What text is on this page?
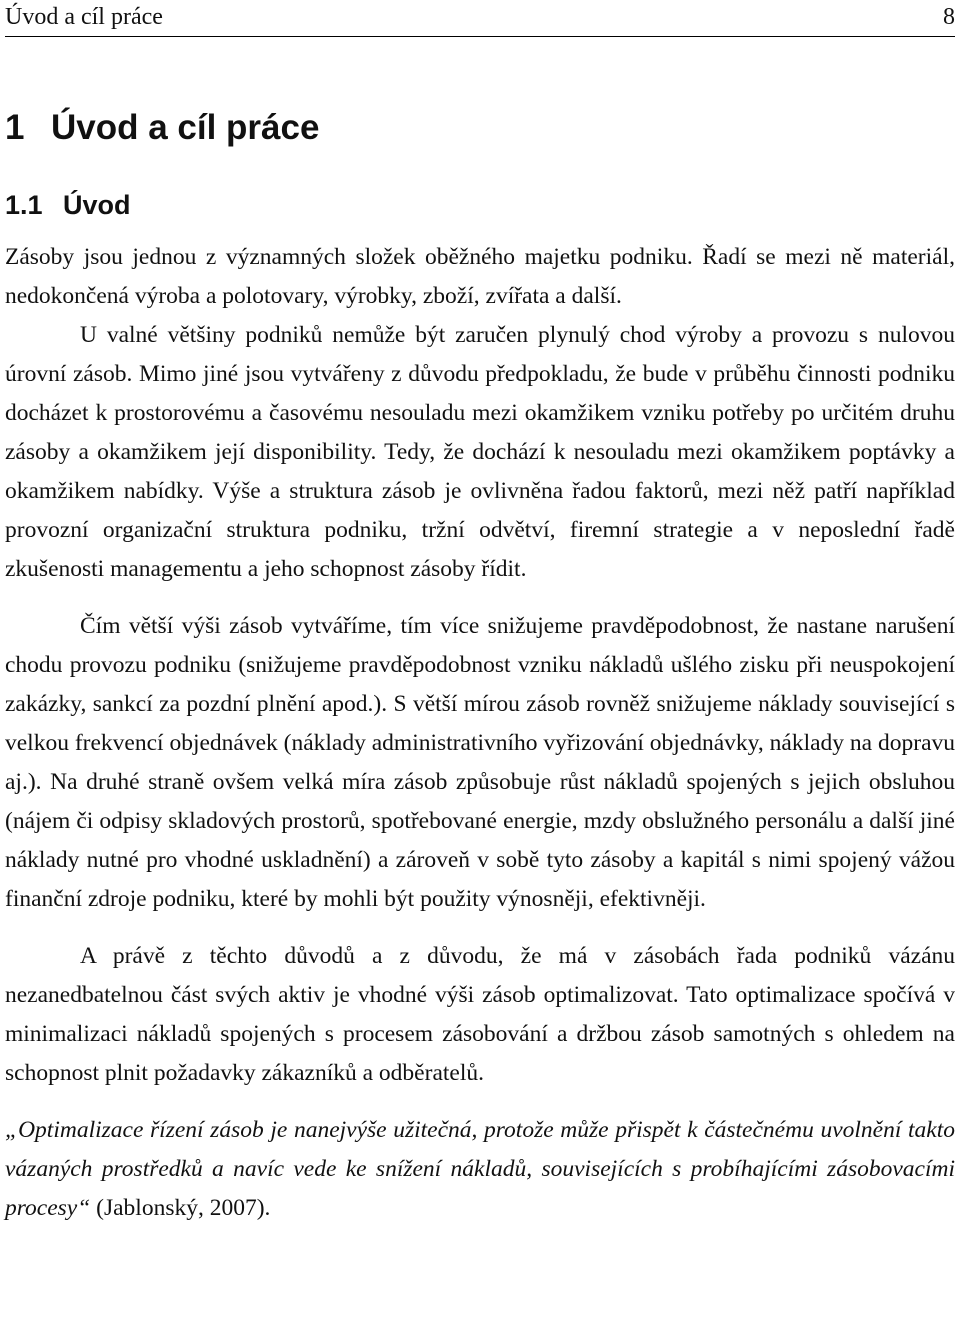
Úvod a cíl práce	8
1 Úvod a cíl práce
1.1 Úvod

Zásoby jsou jednou z významných složek oběžného majetku podniku. Řadí se mezi ně materiál, nedokončená výroba a polotovary, výrobky, zboží, zvířata a další.

U valné většiny podniků nemůže být zaručen plynulý chod výroby a provozu s nulovou úrovní zásob. Mimo jiné jsou vytvářeny z důvodu předpokladu, že bude v průběhu činnosti podniku docházet k prostorovému a časovému nesouladu mezi okamžikem vzniku potřeby po určitém druhu zásoby a okamžikem její disponibility. Tedy, že dochází k nesouladu mezi okamžikem poptávky a okamžikem nabídky. Výše a struktura zásob je ovlivněna řadou faktorů, mezi něž patří například provozní organizační struktura podniku, tržní odvětví, firemní strategie a v neposlední řadě zkušenosti managementu a jeho schopnost zásoby řídit.

Čím větší výši zásob vytváříme, tím více snižujeme pravděpodobnost, že nastane narušení chodu provozu podniku (snižujeme pravděpodobnost vzniku nákladů ušlého zisku při neuspokojení zakázky, sankcí za pozdní plnění apod.). S větší mírou zásob rovněž snižujeme náklady související s velkou frekvencí objednávek (náklady administrativního vyřizování objednávky, náklady na dopravu aj.). Na druhé straně ovšem velká míra zásob způsobuje růst nákladů spojených s jejich obsluhou (nájem či odpisy skladových prostorů, spotřebované energie, mzdy obslužného personálu a další jiné náklady nutné pro vhodné uskladnění) a zároveň v sobě tyto zásoby a kapitál s nimi spojený vážou finanční zdroje podniku, které by mohli být použity výnosněji, efektivněji.

A právě z těchto důvodů a z důvodu, že má v zásobách řada podniků vázánu nezanedbatelnou část svých aktiv je vhodné výši zásob optimalizovat. Tato optimalizace spočívá v minimalizaci nákladů spojených s procesem zásobování a držbou zásob samotných s ohledem na schopnost plnit požadavky zákazníků a odběratelů.

„Optimalizace řízení zásob je nanejvýše užitečná, protože může přispět k částečnému uvolnění takto vázaných prostředků a navíc vede ke snížení nákladů, souvisejících s probíhajícími zásobovacími procesy“ (Jablonský, 2007).
